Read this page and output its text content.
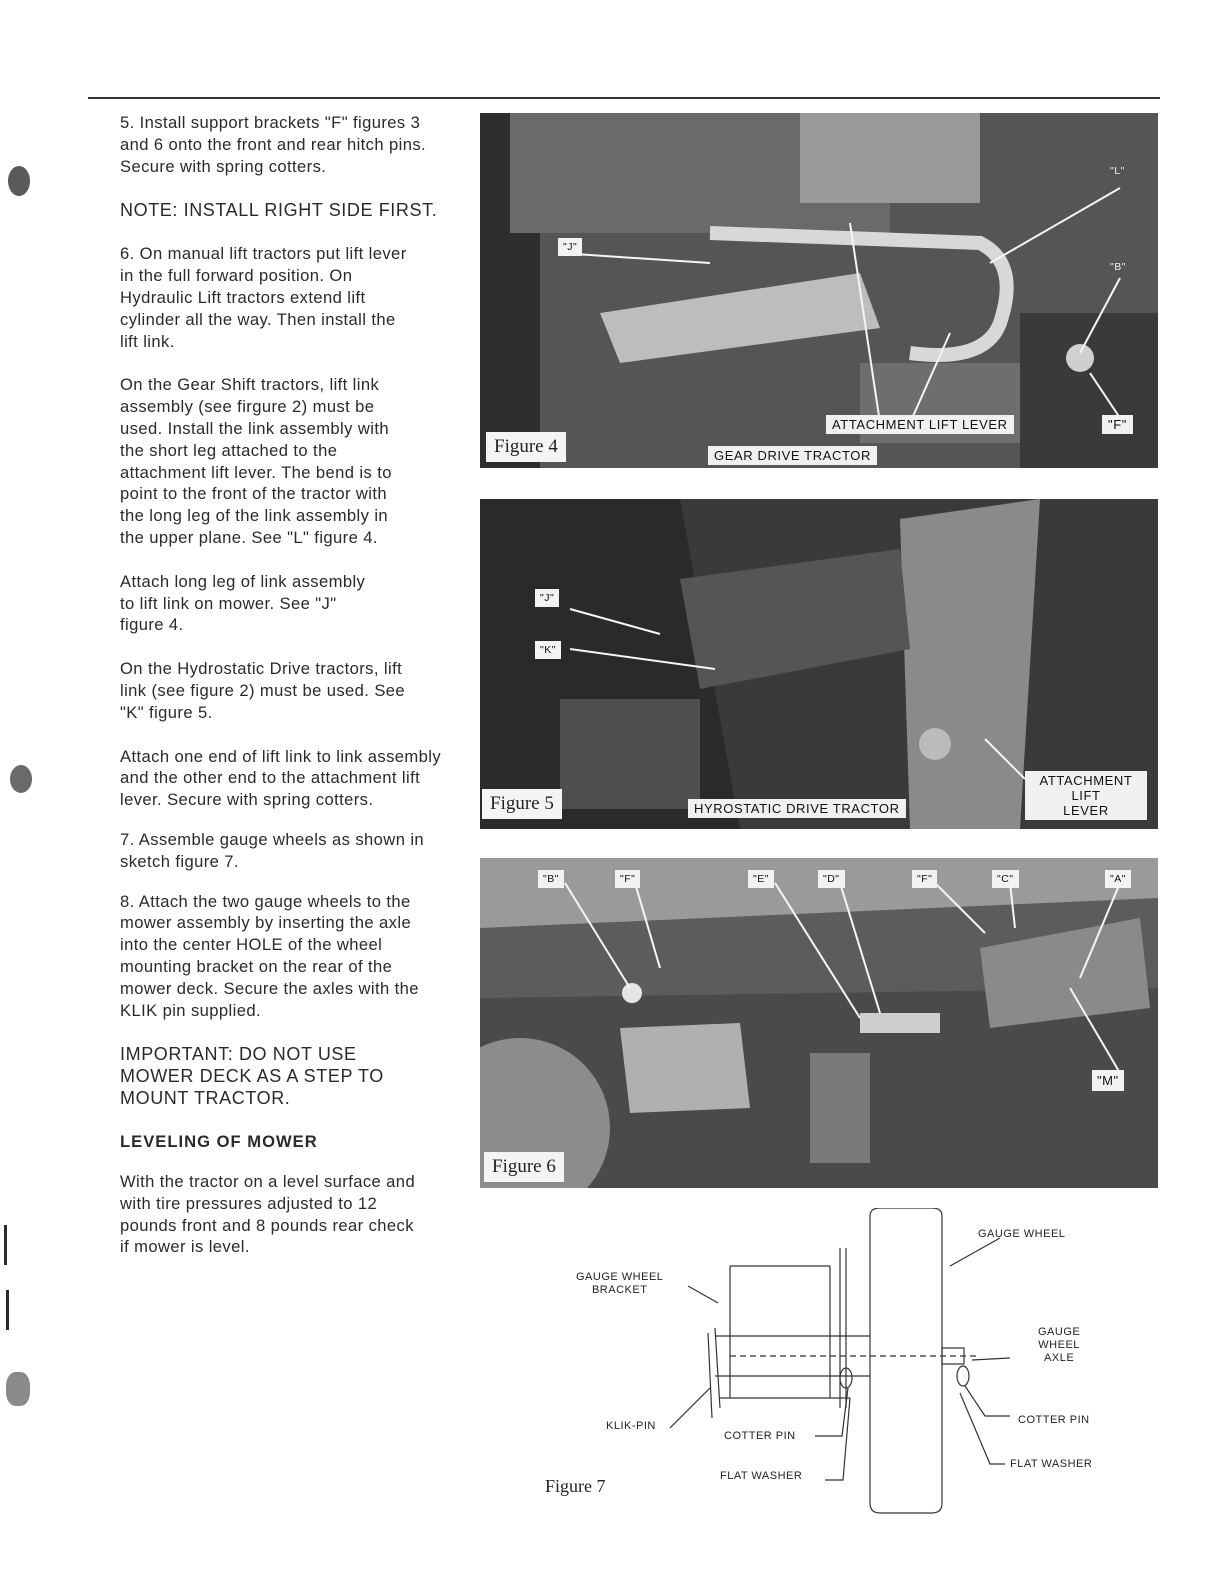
5. Install support brackets "F" figures 3 and 6 onto the front and rear hitch pins. Secure with spring cotters.

NOTE: INSTALL RIGHT SIDE FIRST.

6. On manual lift tractors put lift lever in the full forward position. On Hydraulic Lift tractors extend lift cylinder all the way. Then install the lift link.

On the Gear Shift tractors, lift link assembly (see firgure 2) must be used. Install the link assembly with the short leg attached to the attachment lift lever. The bend is to point to the front of the tractor with the long leg of the link assembly in the upper plane. See "L" figure 4.

Attach long leg of link assembly to lift link on mower. See "J" figure 4.

On the Hydrostatic Drive tractors, lift link (see figure 2) must be used. See "K" figure 5.

Attach one end of lift link to link assembly and the other end to the attachment lift lever. Secure with spring cotters.

7. Assemble gauge wheels as shown in sketch figure 7.

8. Attach the two gauge wheels to the mower assembly by inserting the axle into the center HOLE of the wheel mounting bracket on the rear of the mower deck. Secure the axles with the KLIK pin supplied.

IMPORTANT: DO NOT USE MOWER DECK AS A STEP TO MOUNT TRACTOR.

LEVELING OF MOWER

With the tractor on a level surface and with tire pressures adjusted to 12 pounds front and 8 pounds rear check if mower is level.

"J"
"L"
"B"
ATTACHMENT LIFT LEVER	"F"
GEAR DRIVE TRACTOR
Figure 4
"J"
"K"
HYROSTATIC DRIVE TRACTOR
ATTACHMENT
LIFT
LEVER
Figure 5
"B"	"F"	"E"	"D"	"F"	"C"	"A"
"M"
Figure 6
GAUGE WHEEL
GAUGE WHEEL
BRACKET
GAUGE
WHEEL
AXLE
KLIK-PIN
COTTER PIN
FLAT WASHER
COTTER PIN
FLAT WASHER
Figure 7
